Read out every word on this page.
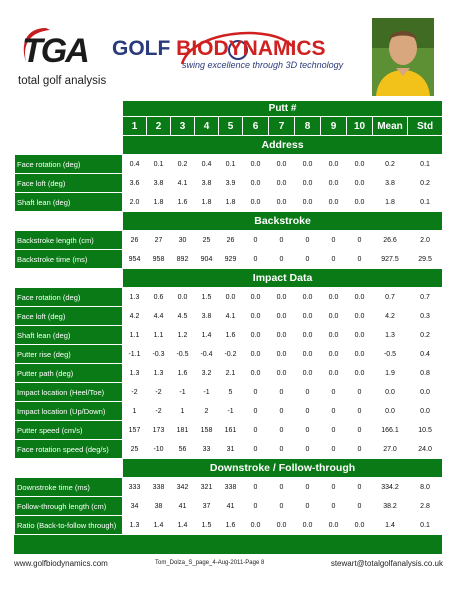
TGA
total golf analysis
GOLF BIODYNAMICS
swing excellence through 3D technology
	Putt #											
	1	2	3	4	5	6	7	8	9	10	Mean	Std
	Address											
Face rotation (deg)	0.4	0.1	0.2	0.4	0.1	0.0	0.0	0.0	0.0	0.0	0.2	0.1
Face loft (deg)	3.6	3.8	4.1	3.8	3.9	0.0	0.0	0.0	0.0	0.0	3.8	0.2
Shaft lean (deg)	2.0	1.8	1.6	1.8	1.8	0.0	0.0	0.0	0.0	0.0	1.8	0.1
	Backstroke											
Backstroke length (cm)	26	27	30	25	26	0	0	0	0	0	26.6	2.0
Backstroke time (ms)	954	958	892	904	929	0	0	0	0	0	927.5	29.5
	Impact Data											
Face rotation (deg)	1.3	0.6	0.0	1.5	0.0	0.0	0.0	0.0	0.0	0.0	0.7	0.7
Face loft (deg)	4.2	4.4	4.5	3.8	4.1	0.0	0.0	0.0	0.0	0.0	4.2	0.3
Shaft lean (deg)	1.1	1.1	1.2	1.4	1.6	0.0	0.0	0.0	0.0	0.0	1.3	0.2
Putter rise (deg)	-1.1	-0.3	-0.5	-0.4	-0.2	0.0	0.0	0.0	0.0	0.0	-0.5	0.4
Putter path (deg)	1.3	1.3	1.6	3.2	2.1	0.0	0.0	0.0	0.0	0.0	1.9	0.8
Impact location (Heel/Toe)	-2	-2	-1	-1	5	0	0	0	0	0	0.0	0.0
Impact location (Up/Down)	1	-2	1	2	-1	0	0	0	0	0	0.0	0.0
Putter speed (cm/s)	157	173	181	158	161	0	0	0	0	0	166.1	10.5
Face rotation speed (deg/s)	25	-10	56	33	31	0	0	0	0	0	27.0	24.0
	Downstroke / Follow-through											
Downstroke time (ms)	333	338	342	321	338	0	0	0	0	0	334.2	8.0
Follow-through length (cm)	34	38	41	37	41	0	0	0	0	0	38.2	2.8
Ratio (Back-to-follow through)	1.3	1.4	1.4	1.5	1.6	0.0	0.0	0.0	0.0	0.0	1.4	0.1
www.golfbiodynamics.com	Tom_Dolza_S_page_4-Aug-2011-Page 8	stewart@totalgolfanalysis.co.uk
